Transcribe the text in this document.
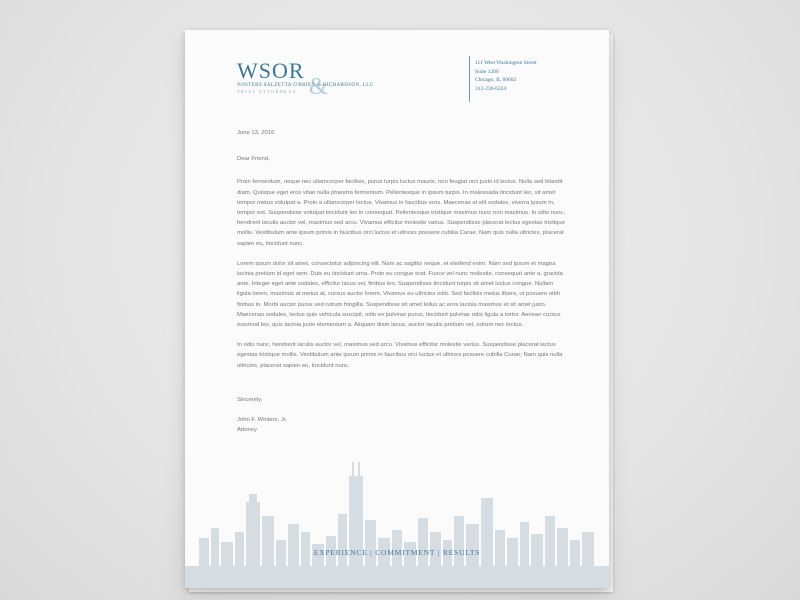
WSOR
WINTERS SALZETTA O'BRIEN & RICHARDSON, LLC
TRIAL ATTORNEYS &
111 West Washington Street
Suite 1200
Chicago, IL 60602
312-236-6324

June 13, 2016

Dear Friend,

Proin fermentum, neque nec ullamcorper facilisis, purus turpis luctus mauris, non feugiat orci justo id lectus. Nulla sed blandit diam. Quisque eget eros vitae nulla pharetra fermentum. Pellentesque in ipsum turpis. In malesuada tincidunt leo, sit amet tempor metus volutpat a. Proin a ullamcorper lectus. Vivamus in faucibus eros. Maecenas at elit sodales, viverra ipsum in, tempor est. Suspendisse volutpat tincidunt leo in consequat. Pellentesque tristique maximus nunc non maximus. In odio nunc, hendrerit iaculis auctor vel, maximus sed arcu. Vivamus efficitur molestie varius. Suspendisse placerat lectus egestas tristique mollis. Vestibulum ante ipsum primis in faucibus orci luctus et ultrices posuere cubilia Curae; Nam quis nulla ultricies, placerat sapien eu, tincidunt nunc.

Lorem ipsum dolor sit amet, consectetur adipiscing elit. Nam ac sagittis neque, et eleifend enim. Nam sed ipsum et magna lacinia pretium id eget sem. Duis eu tincidunt urna. Proin eu congue erat. Fusce vel nunc molestie, consequat ante a, gravida ante. Integer eget ante sodales, efficitur lacus vel, finibus leo. Suspendisse tincidunt turpis sit amet luctus congue. Nullam ligula lorem, maximus at metus at, cursus auctor lorem. Vivamus eu ultricies odio. Sed facilisis metus libero, ut posuere nibh finibus in. Morbi auctor purus sed rutrum fringilla. Suspendisse sit amet tellus ac eros lacinia maximus et sit amet justo. Maecenas sodales, lectus quis vehicula suscipit, odio ex pulvinar purus, tincidunt pulvinar odio ligula a tortor. Aenean cursus euismod leo, quis lacinia justo elementum a. Aliquam diam lacus, auctor iaculis pretium vel, rutrum nec lectus.

In odio nunc, hendrerit iaculis auctor vel, maximus sed arcu. Vivamus efficitur molestie varius. Suspendisse placerat lectus egestas tristique mollis. Vestibulum ante ipsum primis in faucibus orci luctus et ultrices posuere cubilia Curae; Nam quis nulla ultricies, placerat sapien eu, tincidunt nunc.

Sincerely,

John F. Winters, Jr.

Attoney

EXPERIENCE | COMMITMENT | RESULTS
